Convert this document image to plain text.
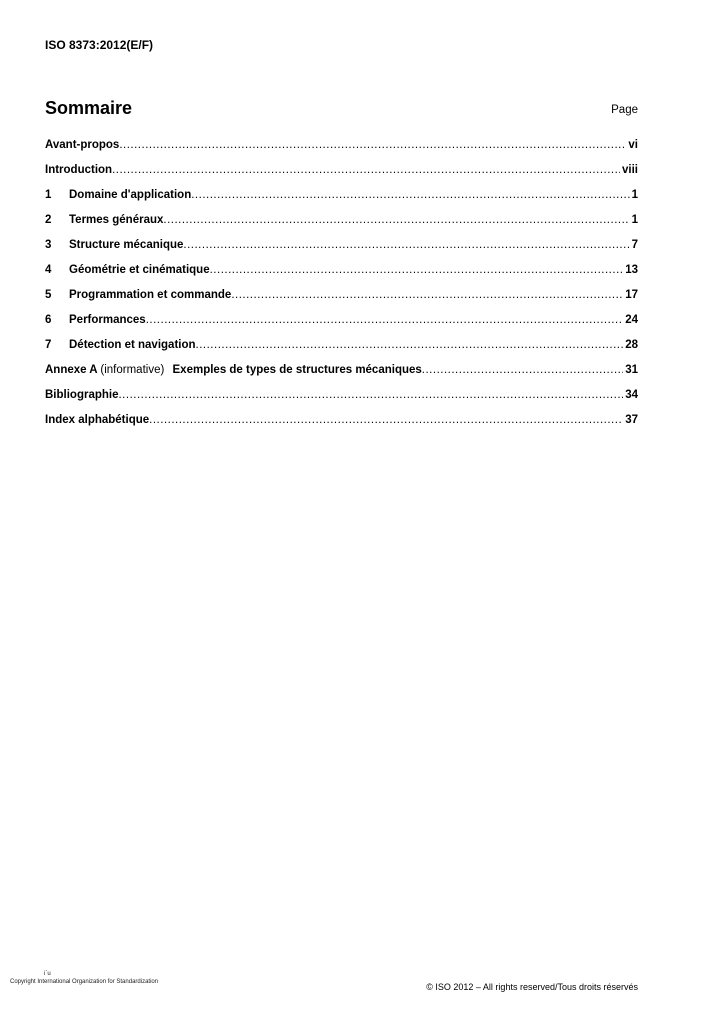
ISO 8373:2012(E/F)
Sommaire	Page
Avant-propos .....	vi
Introduction .....	viii
1	Domaine d'application .....	1
2	Termes généraux .....	1
3	Structure mécanique .....	7
4	Géométrie et cinématique .....	13
5	Programmation et commande .....	17
6	Performances .....	24
7	Détection et navigation .....	28
Annexe A (informative) Exemples de types de structures mécaniques .....	31
Bibliographie .....	34
Index alphabétique .....	37
i`u
Copyright International Organization for Standardization	© ISO 2012 – All rights reserved/Tous droits réservés
